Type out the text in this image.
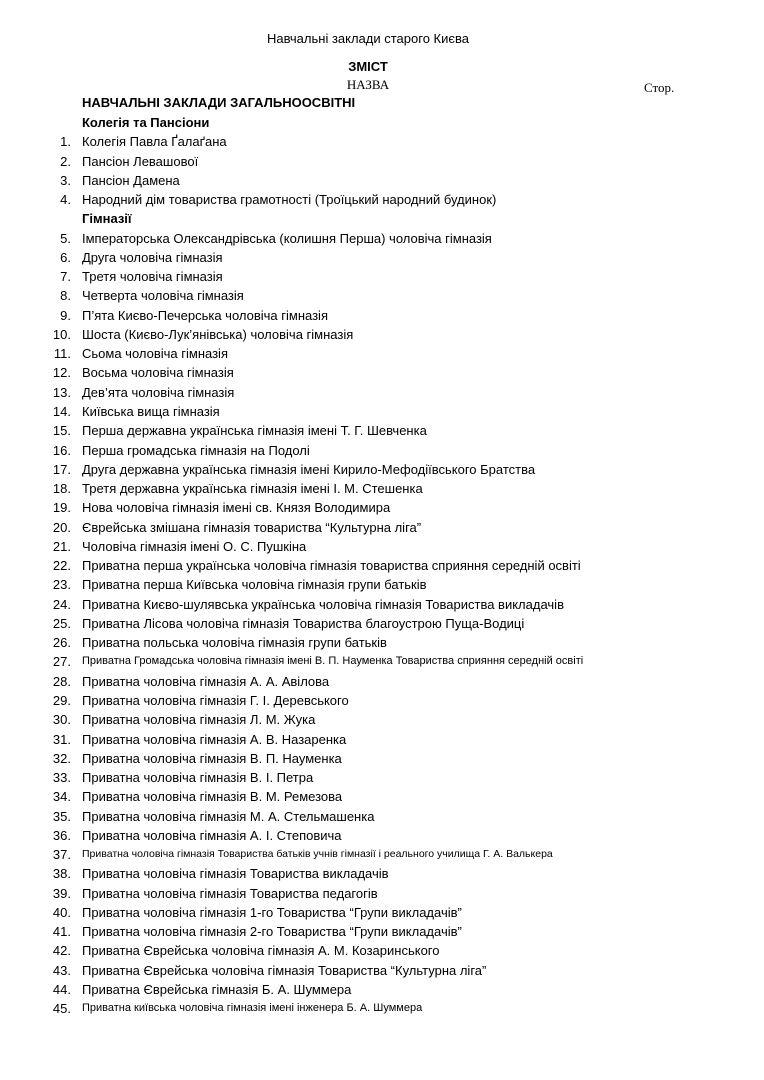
Навчальні заклади старого Києва
ЗМІСТ
НАЗВА	Стор.
НАВЧАЛЬНІ ЗАКЛАДИ ЗАГАЛЬНООСВІТНІ
Колегія та Пансіони
1. Колегія Павла Ґалаґана
2. Пансіон Левашової
3. Пансіон Дамена
4. Народний дім товариства грамотності (Троїцький народний будинок)
Гімназії
5. Імператорська Олександрівська (колишня Перша) чоловіча гімназія
6. Друга чоловіча гімназія
7. Третя чоловіча гімназія
8. Четверта чоловіча гімназія
9. П’ята Києво-Печерська чоловіча гімназія
10. Шоста (Києво-Лук’янівська) чоловіча гімназія
11. Сьома чоловіча гімназія
12. Восьма чоловіча гімназія
13. Дев’ята чоловіча гімназія
14. Київська вища гімназія
15. Перша державна українська гімназія імені Т. Г. Шевченка
16. Перша громадська гімназія на Подолі
17. Друга державна українська гімназія імені Кирило-Мефодіївського Братства
18. Третя державна українська гімназія імені І. М. Стешенка
19. Нова чоловіча гімназія імені св. Князя Володимира
20. Єврейська змішана гімназія товариства “Культурна ліга”
21. Чоловіча гімназія імені О. С. Пушкіна
22. Приватна перша українська чоловіча гімназія товариства сприяння середній освіті
23. Приватна перша Київська чоловіча гімназія групи батьків
24. Приватна Києво-шулявська українська чоловіча гімназія Товариства викладачів
25. Приватна Лісова чоловіча гімназія Товариства благоустрою Пуща-Водиці
26. Приватна польська чоловіча гімназія групи батьків
27. Приватна Громадська чоловіча гімназія імені В. П. Науменка Товариства сприяння середній освіті
28. Приватна чоловіча гімназія А. А. Авілова
29. Приватна чоловіча гімназія Г. І. Деревського
30. Приватна чоловіча гімназія Л. М. Жука
31. Приватна чоловіча гімназія А. В. Назаренка
32. Приватна чоловіча гімназія В. П. Науменка
33. Приватна чоловіча гімназія В. І. Петра
34. Приватна чоловіча гімназія В. М. Ремезова
35. Приватна чоловіча гімназія М. А. Стельмашенка
36. Приватна чоловіча гімназія А. І. Степовича
37. Приватна чоловіча гімназія Товариства батьків учнів гімназії і реального училища Г. А. Валькера
38. Приватна чоловіча гімназія Товариства викладачів
39. Приватна чоловіча гімназія Товариства педагогів
40. Приватна чоловіча гімназія 1-го Товариства “Групи викладачів”
41. Приватна чоловіча гімназія 2-го Товариства “Групи викладачів”
42. Приватна Єврейська чоловіча гімназія А. М. Козаринського
43. Приватна Єврейська чоловіча гімназія Товариства “Культурна ліга”
44. Приватна Єврейська гімназія Б. А. Шуммера
45. Приватна київська чоловіча гімназія імені інженера Б. А. Шуммера
